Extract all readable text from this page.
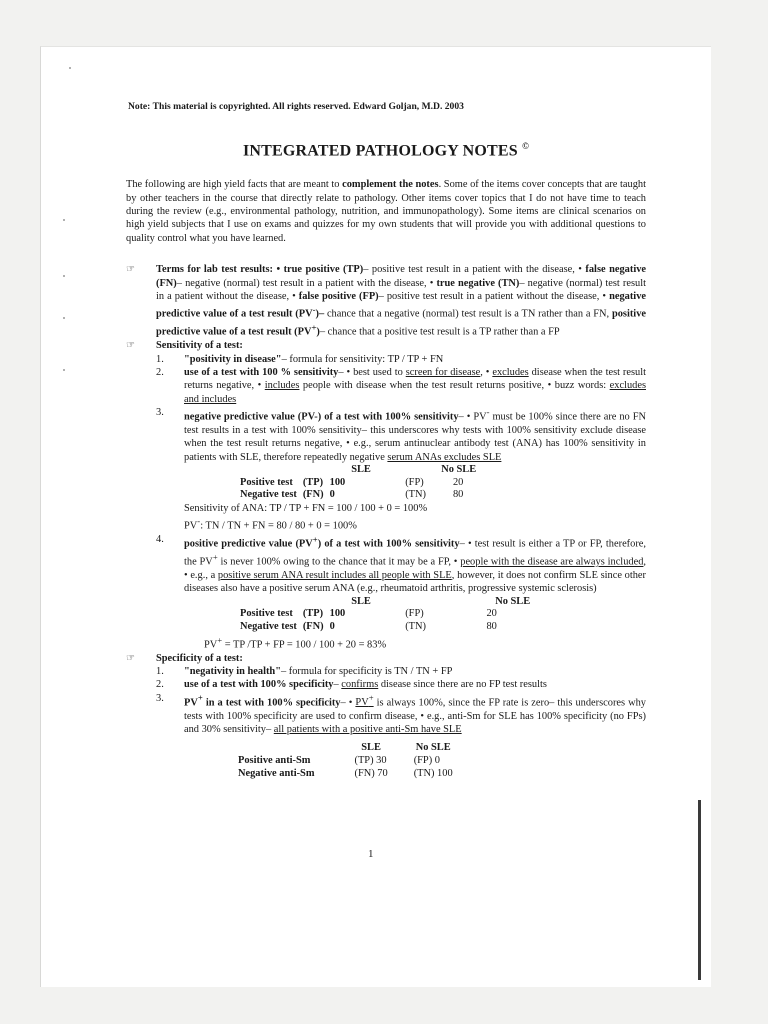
Note: This material is copyrighted. All rights reserved. Edward Goljan, M.D. 2003

INTEGRATED PATHOLOGY NOTES ©

The following are high yield facts that are meant to complement the notes. Some of the items cover concepts that are taught by other teachers in the course that directly relate to pathology. Other items cover topics that I do not have time to teach during the review (e.g., environmental pathology, nutrition, and immunopathology). Some items are clinical scenarios on high yield subjects that I use on exams and quizzes for my own students that will provide you with additional questions to quality control what you have learned.

☞ Terms for lab test results: • true positive (TP)– positive test result in a patient with the disease, • false negative (FN)– negative (normal) test result in a patient with the disease, • true negative (TN)– negative (normal) test result in a patient without the disease, • false positive (FP)– positive test result in a patient without the disease, • negative predictive value of a test result (PV-)– chance that a negative (normal) test result is a TN rather than a FN, positive predictive value of a test result (PV+)– chance that a positive test result is a TP rather than a FP
☞ Sensitivity of a test:
1. "positivity in disease"– formula for sensitivity: TP / TP + FN
2. use of a test with 100 % sensitivity– • best used to screen for disease, • excludes disease when the test result returns negative, • includes people with disease when the test result returns positive, • buzz words: excludes and includes
3. negative predictive value (PV-) of a test with 100% sensitivity– • PV- must be 100% since there are no FN test results in a test with 100% sensitivity– this underscores why tests with 100% sensitivity exclude disease when the test result returns negative, • e.g., serum antinuclear antibody test (ANA) has 100% sensitivity in patients with SLE, therefore repeatedly negative serum ANAs excludes SLE
	SLE		No SLE	
Positive test	(TP)	100	(FP)	20
Negative test	(FN)	0	(TN)	80

Sensitivity of ANA: TP / TP + FN = 100 / 100 + 0 = 100%

PV-: TN / TN + FN = 80 / 80 + 0 = 100%

4. positive predictive value (PV+) of a test with 100% sensitivity– • test result is either a TP or FP, therefore, the PV+ is never 100% owing to the chance that it may be a FP, • people with the disease are always included, • e.g., a positive serum ANA result includes all people with SLE, however, it does not confirm SLE since other diseases also have a positive serum ANA (e.g., rheumatoid arthritis, progressive systemic sclerosis)
	SLE		No SLE	
Positive test	(TP)	100	(FP)	20
Negative test	(FN)	0	(TN)	80

PV+ = TP /TP + FP = 100 / 100 + 20 = 83%

☞ Specificity of a test:
1. "negativity in health"– formula for specificity is TN / TN + FP
2. use of a test with 100% specificity– confirms disease since there are no FP test results
3. PV+ in a test with 100% specificity– • PV+ is always 100%, since the FP rate is zero– this underscores why tests with 100% specificity are used to confirm disease, • e.g., anti-Sm for SLE has 100% specificity (no FPs) and 30% sensitivity– all patients with a positive anti-Sm have SLE
	SLE	No SLE
Positive anti-Sm	(TP) 30	(FP) 0
Negative anti-Sm	(FN) 70	(TN) 100
1
